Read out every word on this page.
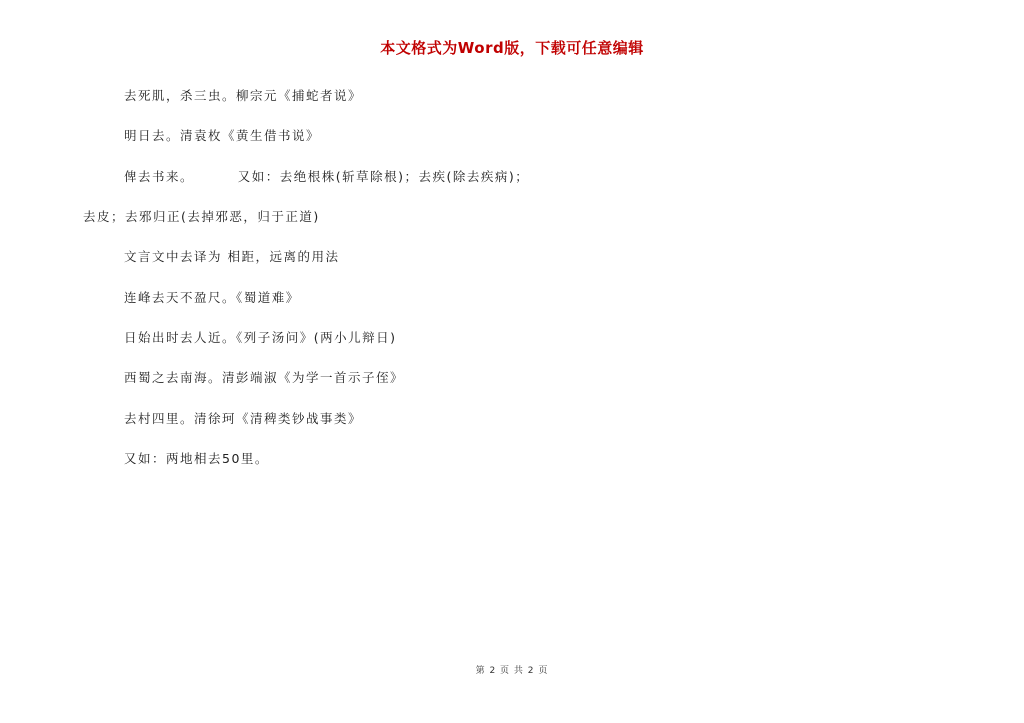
本文格式为Word版，下载可任意编辑
去死肌，杀三虫。柳宗元《捕蛇者说》
明日去。清袁枚《黄生借书说》
俾去书来。        又如：去绝根株(斩草除根)；去疾(除去疾病)；
去皮；去邪归正(去掉邪恶，归于正道)
文言文中去译为 相距，远离的用法
连峰去天不盈尺。《蜀道难》
日始出时去人近。《列子汤问》(两小儿辩日)
西蜀之去南海。清彭端淑《为学一首示子侄》
去村四里。清徐珂《清稗类钞战事类》
又如：两地相去50里。
第 2 页 共 2 页
